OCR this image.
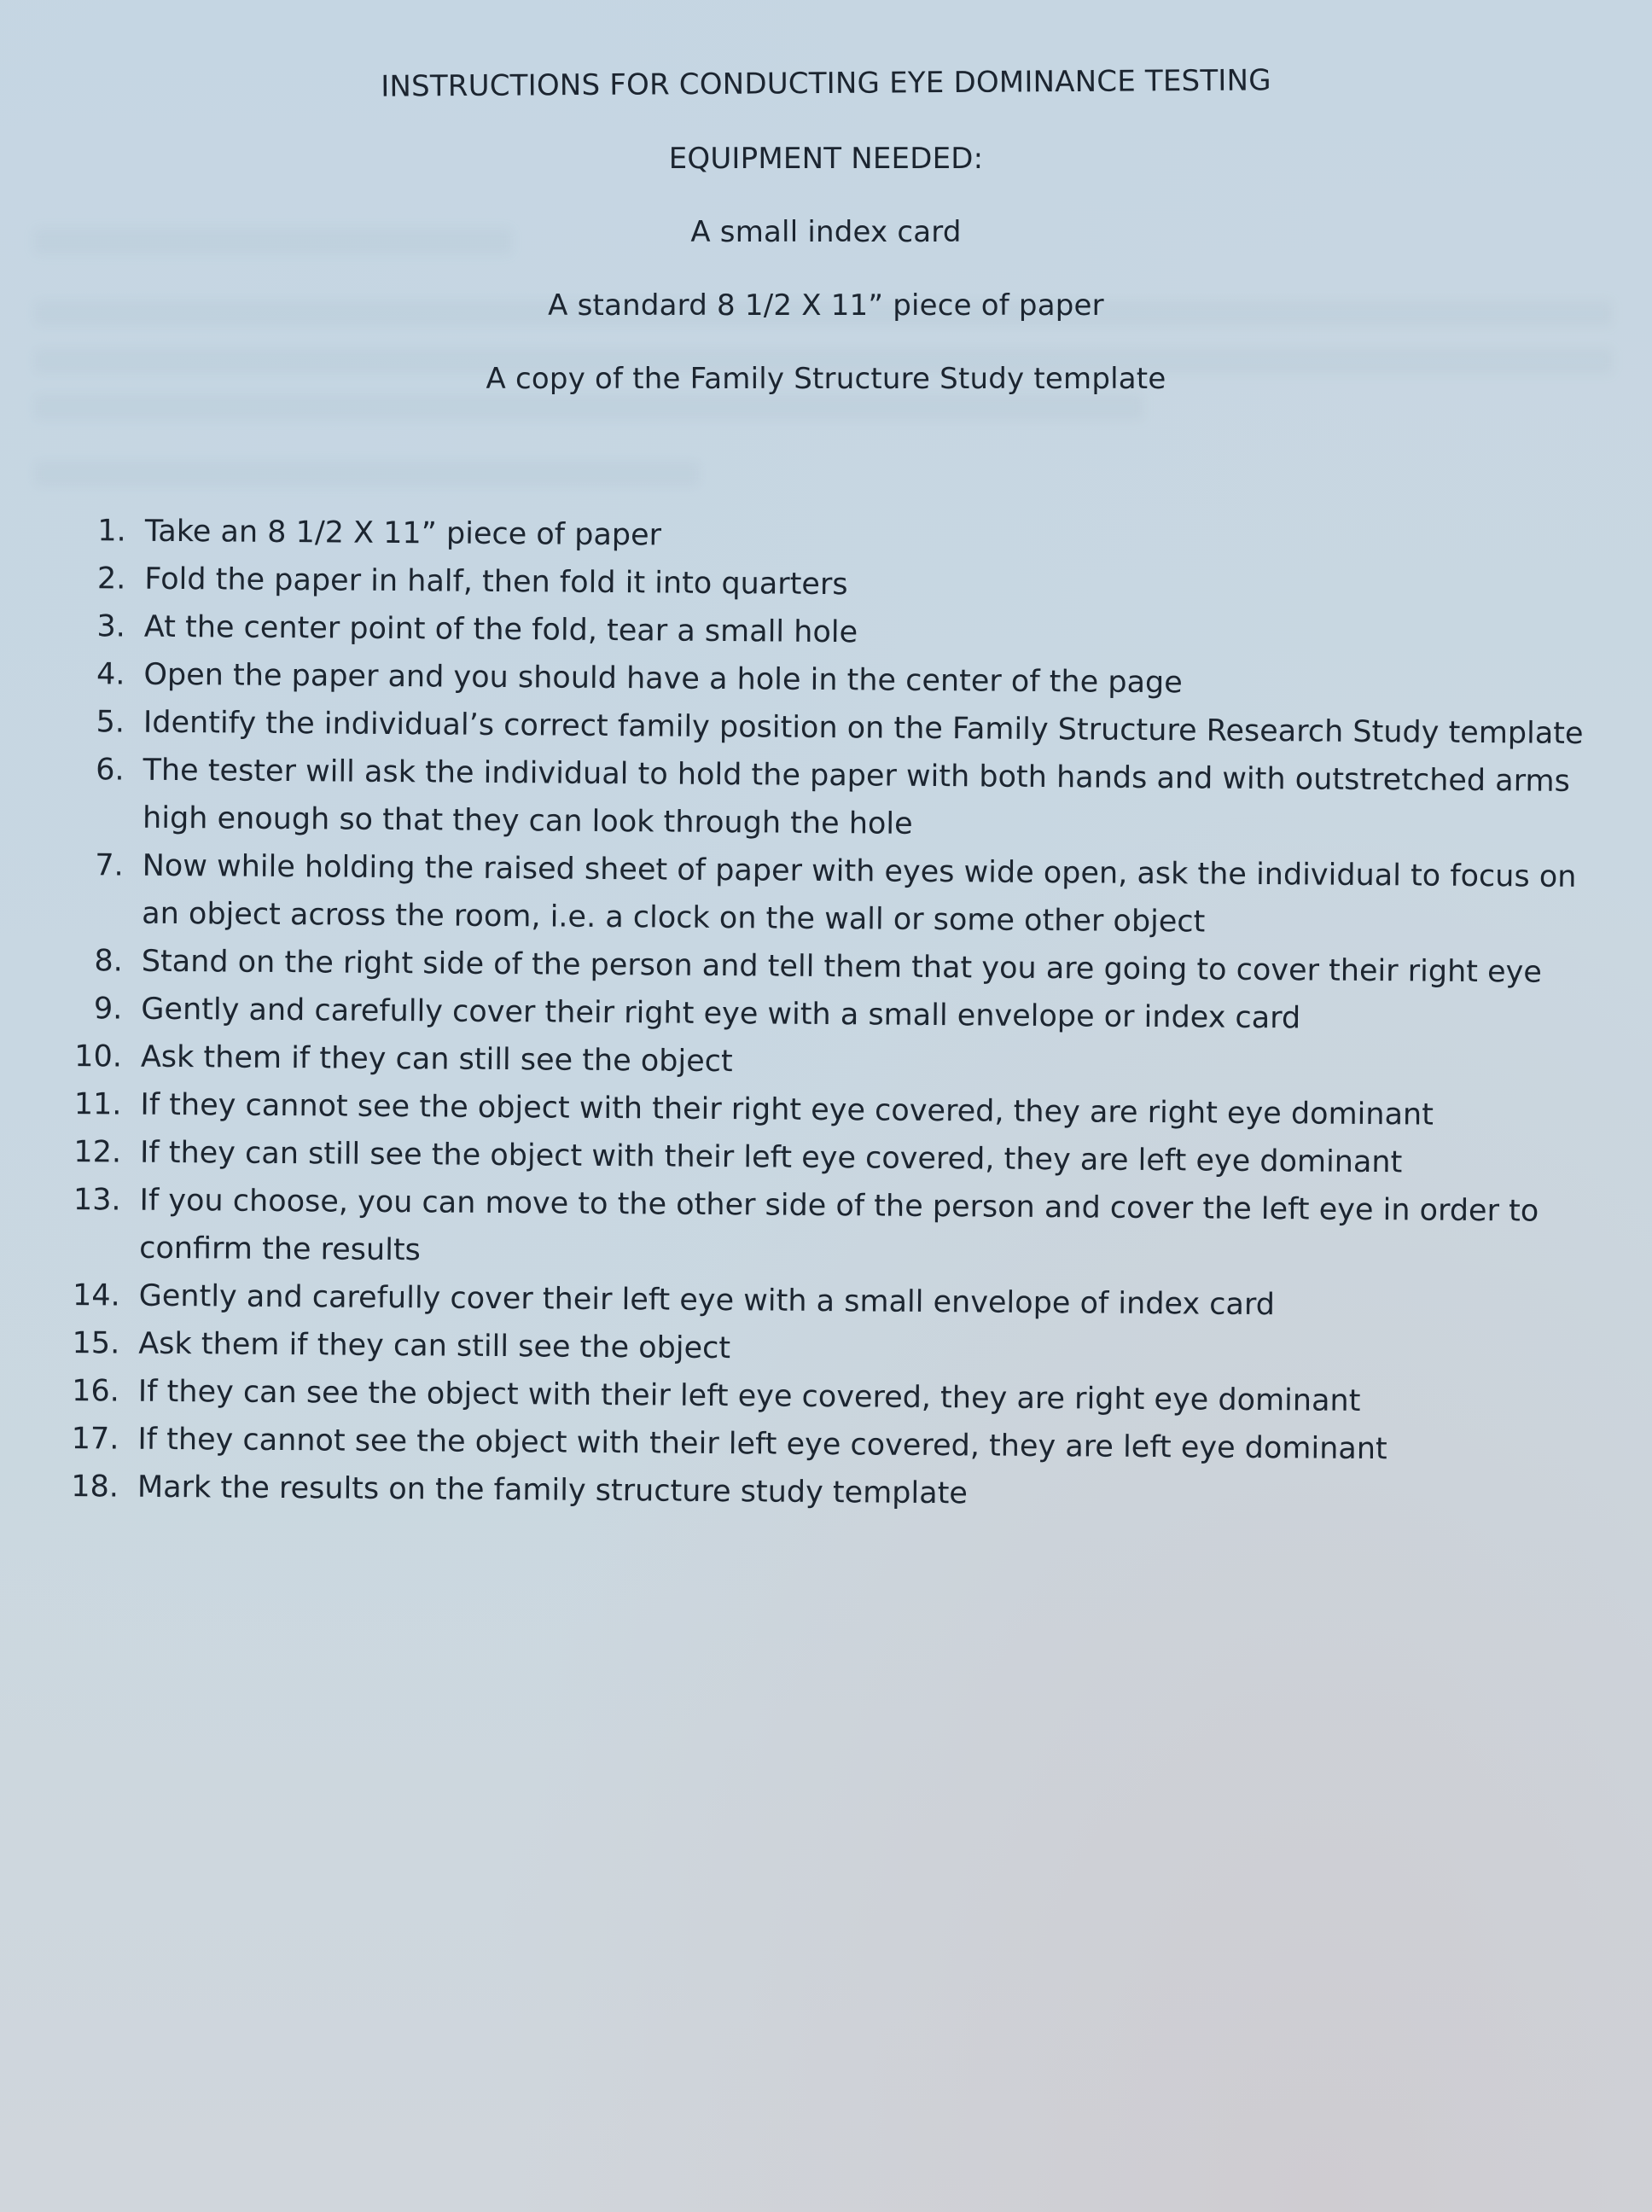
INSTRUCTIONS FOR CONDUCTING EYE DOMINANCE TESTING
EQUIPMENT NEEDED:
A small index card
A standard 8 1/2 X 11” piece of paper
A copy of the Family Structure Study template
1. Take an 8 1/2 X 11” piece of paper
2. Fold the paper in half, then fold it into quarters
3. At the center point of the fold, tear a small hole
4. Open the paper and you should have a hole in the center of the page
5. Identify the individual’s correct family position on the Family Structure Research Study template
6. The tester will ask the individual to hold the paper with both hands and with outstretched arms high enough so that they can look through the hole
7. Now while holding the raised sheet of paper with eyes wide open, ask the individual to focus on an object across the room, i.e. a clock on the wall or some other object
8. Stand on the right side of the person and tell them that you are going to cover their right eye
9. Gently and carefully cover their right eye with a small envelope or index card
10. Ask them if they can still see the object
11. If they cannot see the object with their right eye covered, they are right eye dominant
12. If they can still see the object with their left eye covered, they are left eye dominant
13. If you choose, you can move to the other side of the person and cover the left eye in order to confirm the results
14. Gently and carefully cover their left eye with a small envelope of index card
15. Ask them if they can still see the object
16. If they can see the object with their left eye covered, they are right eye dominant
17. If they cannot see the object with their left eye covered, they are left eye dominant
18. Mark the results on the family structure study template
